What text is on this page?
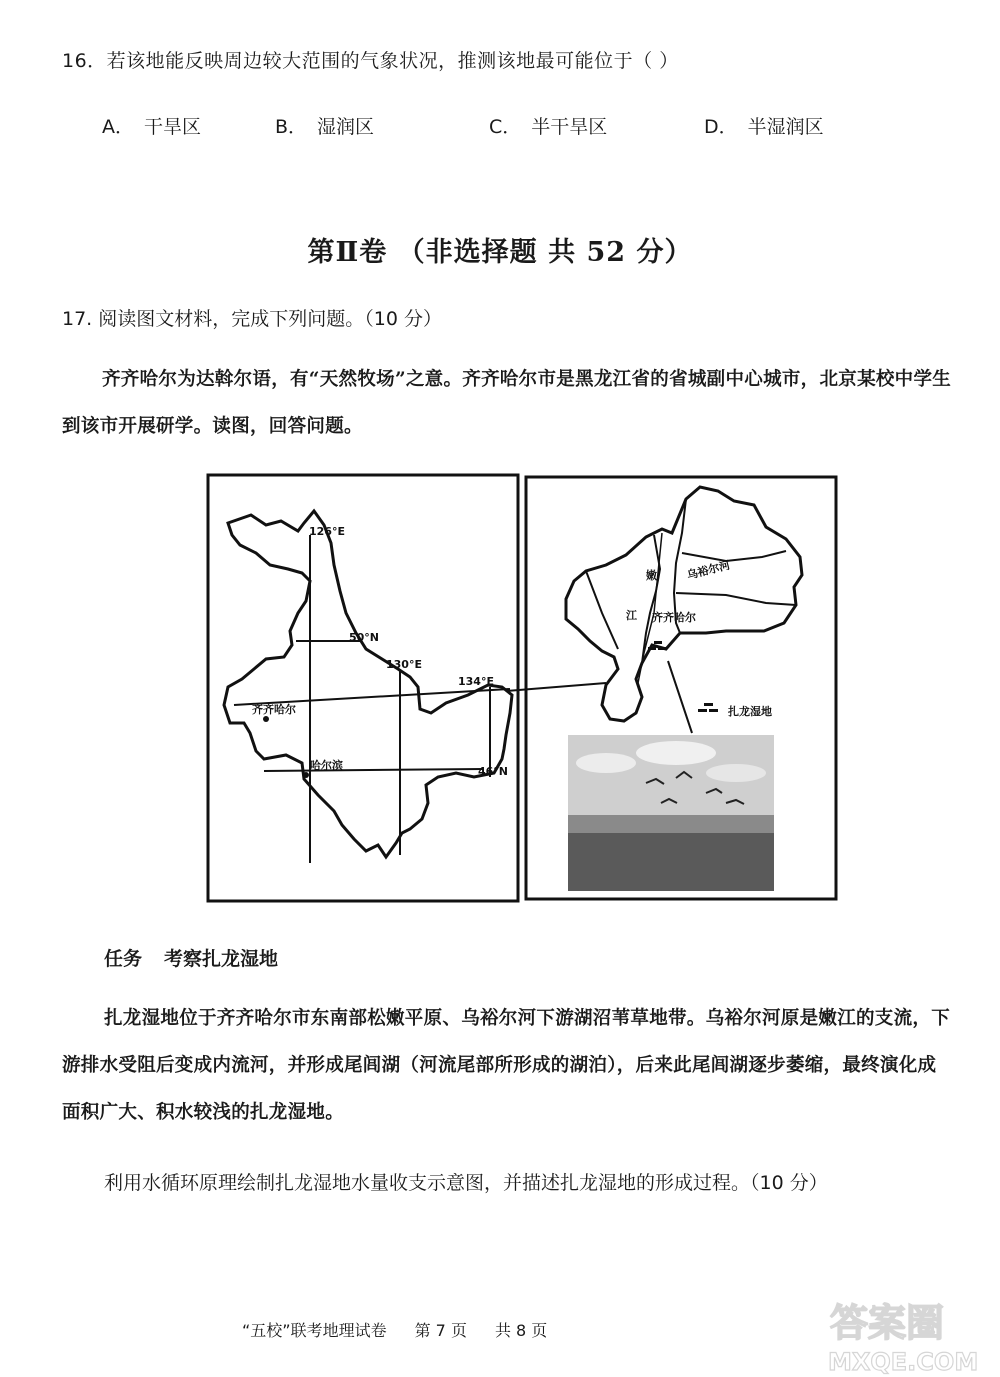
16．若该地能反映周边较大范围的气象状况，推测该地最可能位于（ ）
A． 干旱区	B． 湿润区	C． 半干旱区	D． 半湿润区
第Ⅱ卷 （非选择题 共 52 分）
17. 阅读图文材料，完成下列问题。（10 分）
齐齐哈尔为达斡尔语，有“天然牧场”之意。齐齐哈尔市是黑龙江省的省城副中心城市，北京某校中学生到该市开展研学。读图，回答问题。
126°E
50°N
130°E
134°E
46°N
齐齐哈尔
哈尔滨
嫩
江
乌裕尔河
齐齐哈尔
扎龙湿地
任务 考察扎龙湿地
扎龙湿地位于齐齐哈尔市东南部松嫩平原、乌裕尔河下游湖沼苇草地带。乌裕尔河原是嫩江的支流，下游排水受阻后变成内流河，并形成尾闾湖（河流尾部所形成的湖泊），后来此尾闾湖逐步萎缩，最终演化成面积广大、积水较浅的扎龙湿地。
利用水循环原理绘制扎龙湿地水量收支示意图，并描述扎龙湿地的形成过程。（10 分）
“五校”联考地理试卷 第 7 页 共 8 页	答案圈
MXQE.COM
